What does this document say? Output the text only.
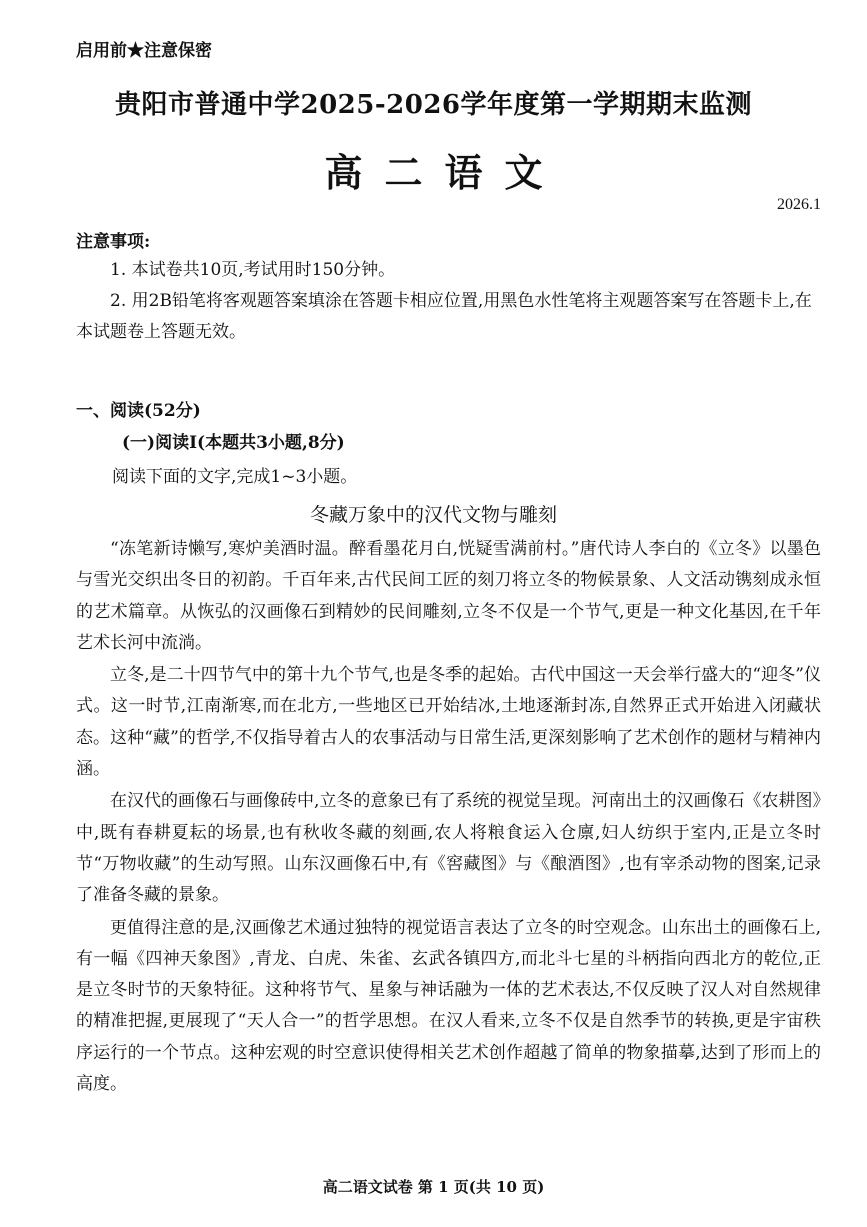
启用前★注意保密
贵阳市普通中学2025-2026学年度第一学期期末监测
高二语文
2026.1
注意事项:
1. 本试卷共10页,考试用时150分钟。
2. 用2B铅笔将客观题答案填涂在答题卡相应位置,用黑色水性笔将主观题答案写在答题卡上,在本试题卷上答题无效。
一、阅读(52分)
(一)阅读Ⅰ(本题共3小题,8分)
阅读下面的文字,完成1~3小题。
冬藏万象中的汉代文物与雕刻

“冻笔新诗懒写,寒炉美酒时温。醉看墨花月白,恍疑雪满前村。”唐代诗人李白的《立冬》以墨色与雪光交织出冬日的初韵。千百年来,古代民间工匠的刻刀将立冬的物候景象、人文活动镌刻成永恒的艺术篇章。从恢弘的汉画像石到精妙的民间雕刻,立冬不仅是一个节气,更是一种文化基因,在千年艺术长河中流淌。

立冬,是二十四节气中的第十九个节气,也是冬季的起始。古代中国这一天会举行盛大的“迎冬”仪式。这一时节,江南渐寒,而在北方,一些地区已开始结冰,土地逐渐封冻,自然界正式开始进入闭藏状态。这种“藏”的哲学,不仅指导着古人的农事活动与日常生活,更深刻影响了艺术创作的题材与精神内涵。

在汉代的画像石与画像砖中,立冬的意象已有了系统的视觉呈现。河南出土的汉画像石《农耕图》中,既有春耕夏耘的场景,也有秋收冬藏的刻画,农人将粮食运入仓廪,妇人纺织于室内,正是立冬时节“万物收藏”的生动写照。山东汉画像石中,有《窖藏图》与《酿酒图》,也有宰杀动物的图案,记录了准备冬藏的景象。

更值得注意的是,汉画像艺术通过独特的视觉语言表达了立冬的时空观念。山东出土的画像石上,有一幅《四神天象图》,青龙、白虎、朱雀、玄武各镇四方,而北斗七星的斗柄指向西北方的乾位,正是立冬时节的天象特征。这种将节气、星象与神话融为一体的艺术表达,不仅反映了汉人对自然规律的精准把握,更展现了“天人合一”的哲学思想。在汉人看来,立冬不仅是自然季节的转换,更是宇宙秩序运行的一个节点。这种宏观的时空意识使得相关艺术创作超越了简单的物象描摹,达到了形而上的高度。

高二语文试卷 第 1 页(共 10 页)
